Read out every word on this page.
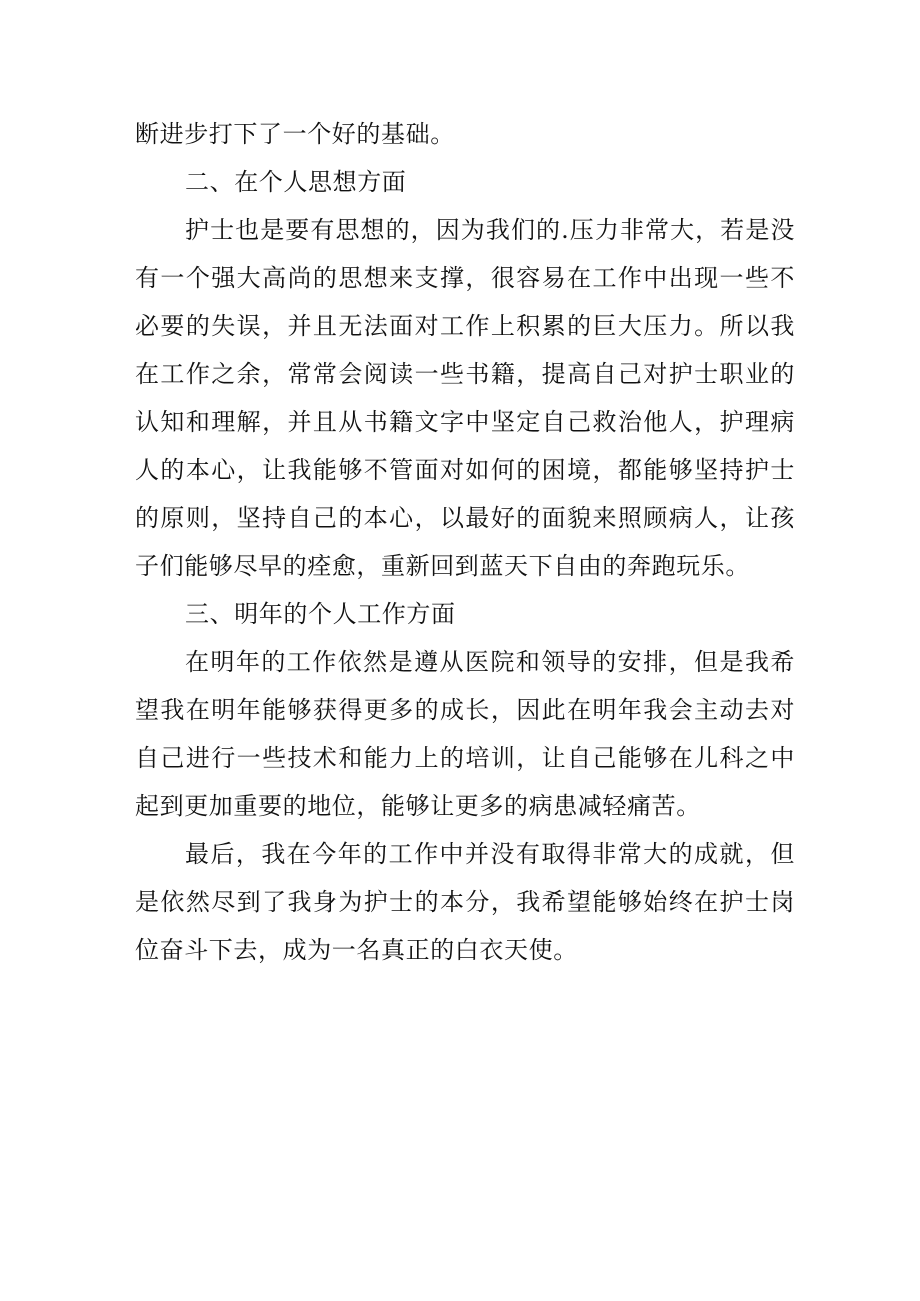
断进步打下了一个好的基础。

二、在个人思想方面

护士也是要有思想的，因为我们的.压力非常大，若是没有一个强大高尚的思想来支撑，很容易在工作中出现一些不必要的失误，并且无法面对工作上积累的巨大压力。所以我在工作之余，常常会阅读一些书籍，提高自己对护士职业的认知和理解，并且从书籍文字中坚定自己救治他人，护理病人的本心，让我能够不管面对如何的困境，都能够坚持护士的原则，坚持自己的本心，以最好的面貌来照顾病人，让孩子们能够尽早的痊愈，重新回到蓝天下自由的奔跑玩乐。

三、明年的个人工作方面

在明年的工作依然是遵从医院和领导的安排，但是我希望我在明年能够获得更多的成长，因此在明年我会主动去对自己进行一些技术和能力上的培训，让自己能够在儿科之中起到更加重要的地位，能够让更多的病患减轻痛苦。

最后，我在今年的工作中并没有取得非常大的成就，但是依然尽到了我身为护士的本分，我希望能够始终在护士岗位奋斗下去，成为一名真正的白衣天使。
